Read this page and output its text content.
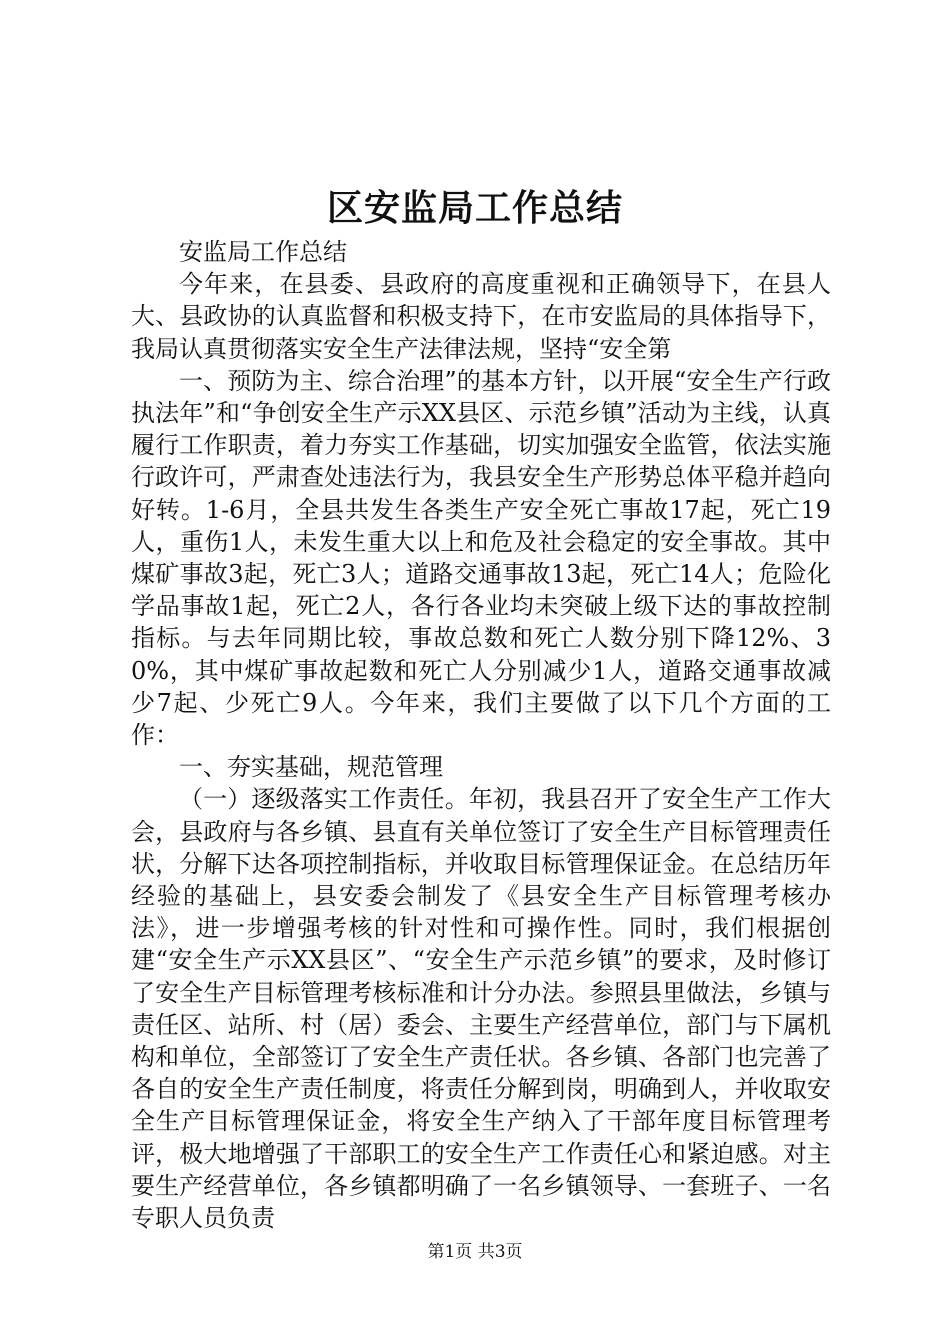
区安监局工作总结

安监局工作总结

今年来，在县委、县政府的高度重视和正确领导下，在县人大、县政协的认真监督和积极支持下，在市安监局的具体指导下，我局认真贯彻落实安全生产法律法规，坚持“安全第

一、预防为主、综合治理”的基本方针，以开展“安全生产行政执法年”和“争创安全生产示XX县区、示范乡镇”活动为主线，认真履行工作职责，着力夯实工作基础，切实加强安全监管，依法实施行政许可，严肃查处违法行为，我县安全生产形势总体平稳并趋向好转。1-6月，全县共发生各类生产安全死亡事故17起，死亡19人，重伤1人，未发生重大以上和危及社会稳定的安全事故。其中煤矿事故3起，死亡3人；道路交通事故13起，死亡14人；危险化学品事故1起，死亡2人，各行各业均未突破上级下达的事故控制指标。与去年同期比较，事故总数和死亡人数分别下降12%、30%，其中煤矿事故起数和死亡人分别减少1人，道路交通事故减少7起、少死亡9人。今年来，我们主要做了以下几个方面的工作：

一、夯实基础，规范管理

（一）逐级落实工作责任。年初，我县召开了安全生产工作大会，县政府与各乡镇、县直有关单位签订了安全生产目标管理责任状，分解下达各项控制指标，并收取目标管理保证金。在总结历年经验的基础上，县安委会制发了《县安全生产目标管理考核办法》，进一步增强考核的针对性和可操作性。同时，我们根据创建“安全生产示XX县区”、“安全生产示范乡镇”的要求，及时修订了安全生产目标管理考核标准和计分办法。参照县里做法，乡镇与责任区、站所、村（居）委会、主要生产经营单位，部门与下属机构和单位，全部签订了安全生产责任状。各乡镇、各部门也完善了各自的安全生产责任制度，将责任分解到岗，明确到人，并收取安全生产目标管理保证金，将安全生产纳入了干部年度目标管理考评，极大地增强了干部职工的安全生产工作责任心和紧迫感。对主要生产经营单位，各乡镇都明确了一名乡镇领导、一套班子、一名专职人员负责

第1页 共3页
